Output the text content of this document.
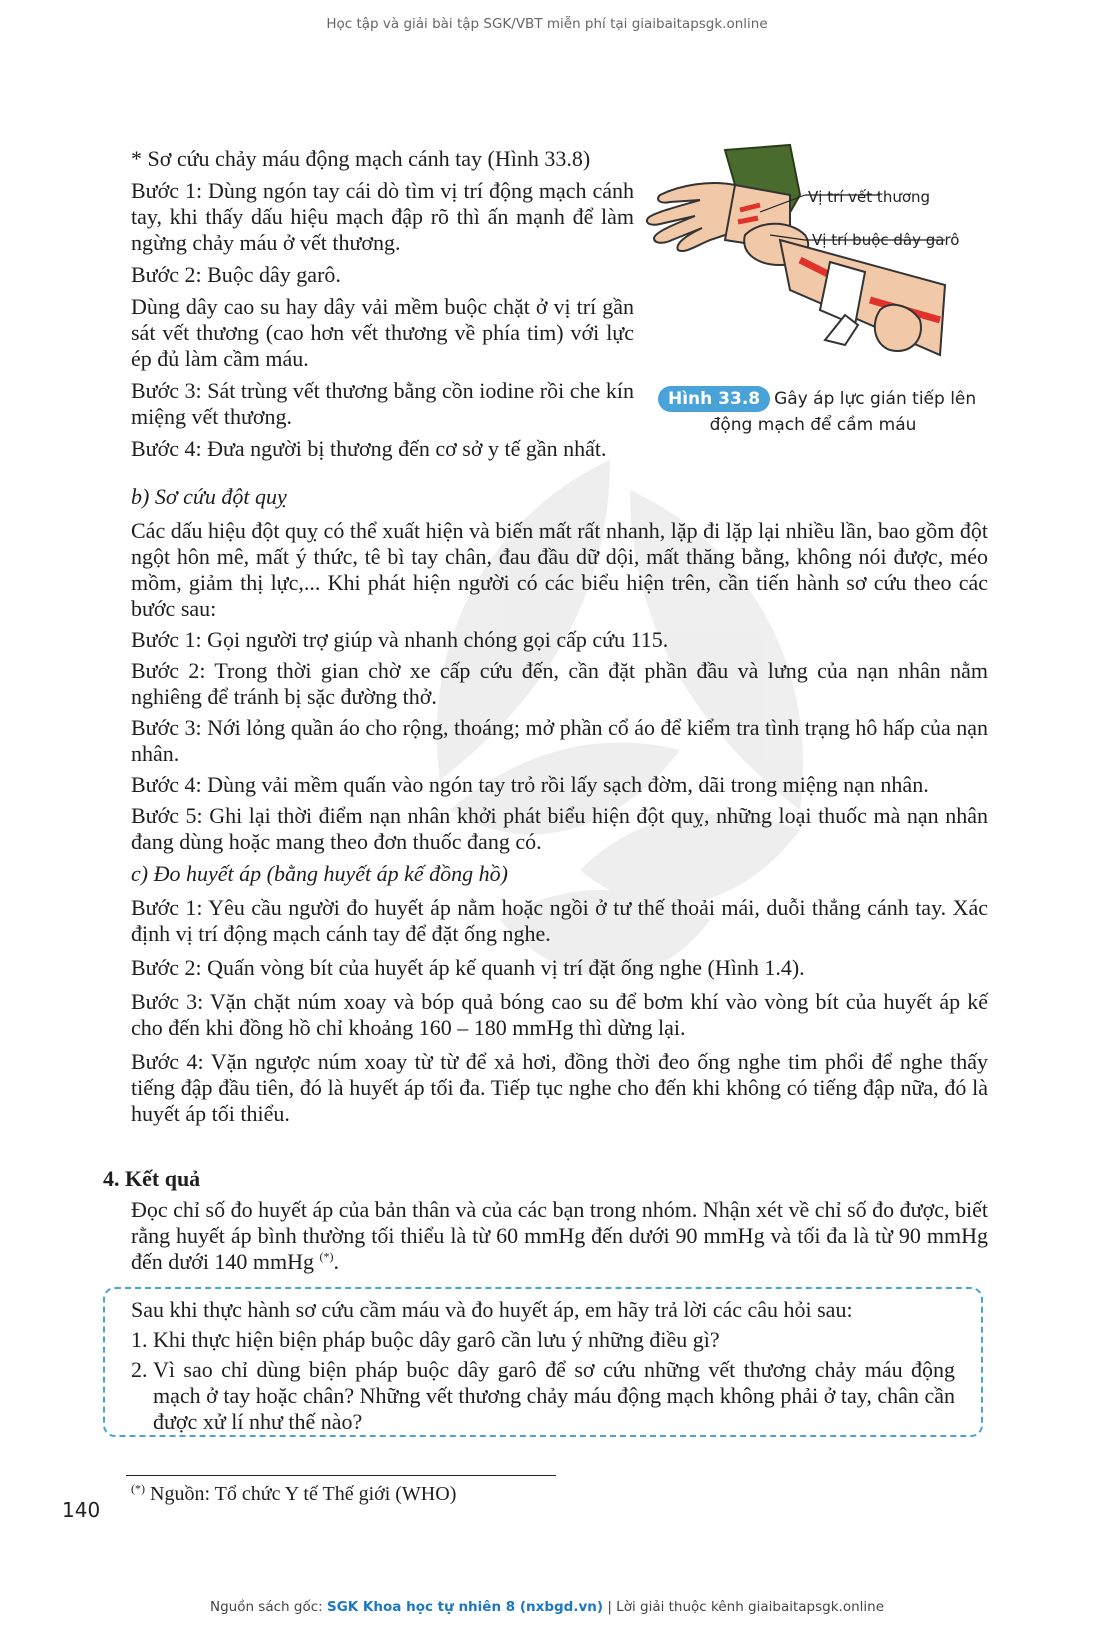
Học tập và giải bài tập SGK/VBT miễn phí tại giaibaitapsgk.online

* Sơ cứu chảy máu động mạch cánh tay (Hình 33.8)

Bước 1: Dùng ngón tay cái dò tìm vị trí động mạch cánh tay, khi thấy dấu hiệu mạch đập rõ thì ấn mạnh để làm ngừng chảy máu ở vết thương.

Bước 2: Buộc dây garô.

Dùng dây cao su hay dây vải mềm buộc chặt ở vị trí gần sát vết thương (cao hơn vết thương về phía tim) với lực ép đủ làm cầm máu.

Bước 3: Sát trùng vết thương bằng cồn iodine rồi che kín miệng vết thương.

Bước 4: Đưa người bị thương đến cơ sở y tế gần nhất.

Vị trí vết thương
Vị trí buộc dây garô
Hình 33.8 Gây áp lực gián tiếp lên
động mạch để cầm máu

b) Sơ cứu đột quỵ

Các dấu hiệu đột quỵ có thể xuất hiện và biến mất rất nhanh, lặp đi lặp lại nhiều lần, bao gồm đột ngột hôn mê, mất ý thức, tê bì tay chân, đau đầu dữ dội, mất thăng bằng, không nói được, méo mồm, giảm thị lực,... Khi phát hiện người có các biểu hiện trên, cần tiến hành sơ cứu theo các bước sau:

Bước 1: Gọi người trợ giúp và nhanh chóng gọi cấp cứu 115.

Bước 2: Trong thời gian chờ xe cấp cứu đến, cần đặt phần đầu và lưng của nạn nhân nằm nghiêng để tránh bị sặc đường thở.

Bước 3: Nới lỏng quần áo cho rộng, thoáng; mở phần cổ áo để kiểm tra tình trạng hô hấp của nạn nhân.

Bước 4: Dùng vải mềm quấn vào ngón tay trỏ rồi lấy sạch đờm, dãi trong miệng nạn nhân.

Bước 5: Ghi lại thời điểm nạn nhân khởi phát biểu hiện đột quỵ, những loại thuốc mà nạn nhân đang dùng hoặc mang theo đơn thuốc đang có.

c) Đo huyết áp (bằng huyết áp kế đồng hồ)

Bước 1: Yêu cầu người đo huyết áp nằm hoặc ngồi ở tư thế thoải mái, duỗi thẳng cánh tay. Xác định vị trí động mạch cánh tay để đặt ống nghe.

Bước 2: Quấn vòng bít của huyết áp kế quanh vị trí đặt ống nghe (Hình 1.4).

Bước 3: Vặn chặt núm xoay và bóp quả bóng cao su để bơm khí vào vòng bít của huyết áp kế cho đến khi đồng hồ chỉ khoảng 160 – 180 mmHg thì dừng lại.

Bước 4: Vặn ngược núm xoay từ từ để xả hơi, đồng thời đeo ống nghe tim phổi để nghe thấy tiếng đập đầu tiên, đó là huyết áp tối đa. Tiếp tục nghe cho đến khi không có tiếng đập nữa, đó là huyết áp tối thiểu.

4. Kết quả

Đọc chỉ số đo huyết áp của bản thân và của các bạn trong nhóm. Nhận xét về chỉ số đo được, biết rằng huyết áp bình thường tối thiểu là từ 60 mmHg đến dưới 90 mmHg và tối đa là từ 90 mmHg đến dưới 140 mmHg (*).

Sau khi thực hành sơ cứu cầm máu và đo huyết áp, em hãy trả lời các câu hỏi sau:

1. Khi thực hiện biện pháp buộc dây garô cần lưu ý những điều gì?
2. Vì sao chỉ dùng biện pháp buộc dây garô để sơ cứu những vết thương chảy máu động mạch ở tay hoặc chân? Những vết thương chảy máu động mạch không phải ở tay, chân cần được xử lí như thế nào?

(*) Nguồn: Tổ chức Y tế Thế giới (WHO)

140
Nguồn sách gốc: SGK Khoa học tự nhiên 8 (nxbgd.vn) | Lời giải thuộc kênh giaibaitapsgk.online
